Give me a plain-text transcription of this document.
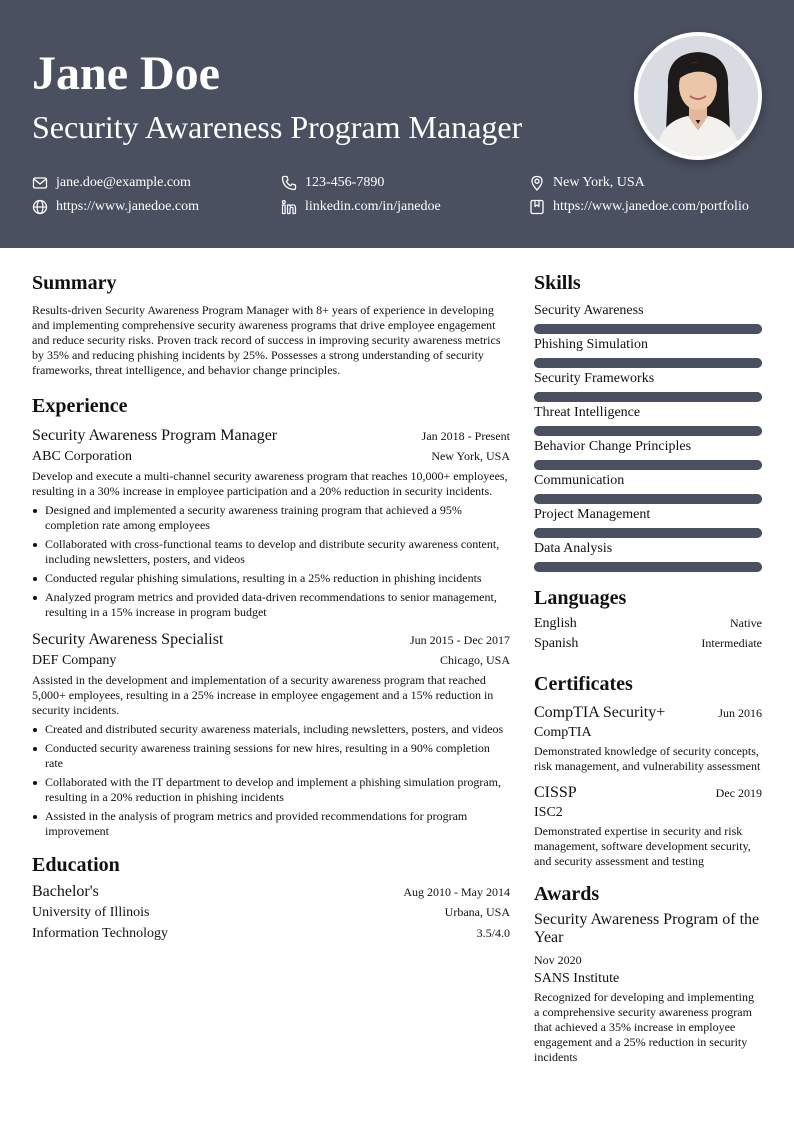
Jane Doe
Security Awareness Program Manager
jane.doe@example.com	123-456-7890	New York, USA
https://www.janedoe.com	linkedin.com/in/janedoe	https://www.janedoe.com/portfolio
Summary

Results-driven Security Awareness Program Manager with 8+ years of experience in developing and implementing comprehensive security awareness programs that drive employee engagement and reduce security risks. Proven track record of success in improving security awareness metrics by 35% and reducing phishing incidents by 25%. Possesses a strong understanding of security frameworks, threat intelligence, and behavior change principles.

Experience
Security Awareness Program Manager	Jan 2018 - Present
ABC Corporation	New York, USA

Develop and execute a multi-channel security awareness program that reaches 10,000+ employees, resulting in a 30% increase in employee participation and a 20% reduction in security incidents.

Designed and implemented a security awareness training program that achieved a 95% completion rate among employees
Collaborated with cross-functional teams to develop and distribute security awareness content, including newsletters, posters, and videos
Conducted regular phishing simulations, resulting in a 25% reduction in phishing incidents
Analyzed program metrics and provided data-driven recommendations to senior management, resulting in a 15% increase in program budget
Security Awareness Specialist	Jun 2015 - Dec 2017
DEF Company	Chicago, USA

Assisted in the development and implementation of a security awareness program that reached 5,000+ employees, resulting in a 25% increase in employee engagement and a 15% reduction in security incidents.

Created and distributed security awareness materials, including newsletters, posters, and videos
Conducted security awareness training sessions for new hires, resulting in a 90% completion rate
Collaborated with the IT department to develop and implement a phishing simulation program, resulting in a 20% reduction in phishing incidents
Assisted in the analysis of program metrics and provided recommendations for program improvement
Education
Bachelor's	Aug 2010 - May 2014
University of Illinois	Urbana, USA
Information Technology	3.5/4.0
Skills
Security Awareness
Phishing Simulation
Security Frameworks
Threat Intelligence
Behavior Change Principles
Communication
Project Management
Data Analysis
Languages
English	Native
Spanish	Intermediate
Certificates
CompTIA Security+	Jun 2016
CompTIA

Demonstrated knowledge of security concepts, risk management, and vulnerability assessment

CISSP	Dec 2019
ISC2

Demonstrated expertise in security and risk management, software development security, and security assessment and testing

Awards
Security Awareness Program of the Year
Nov 2020
SANS Institute

Recognized for developing and implementing a comprehensive security awareness program that achieved a 35% increase in employee engagement and a 25% reduction in security incidents
